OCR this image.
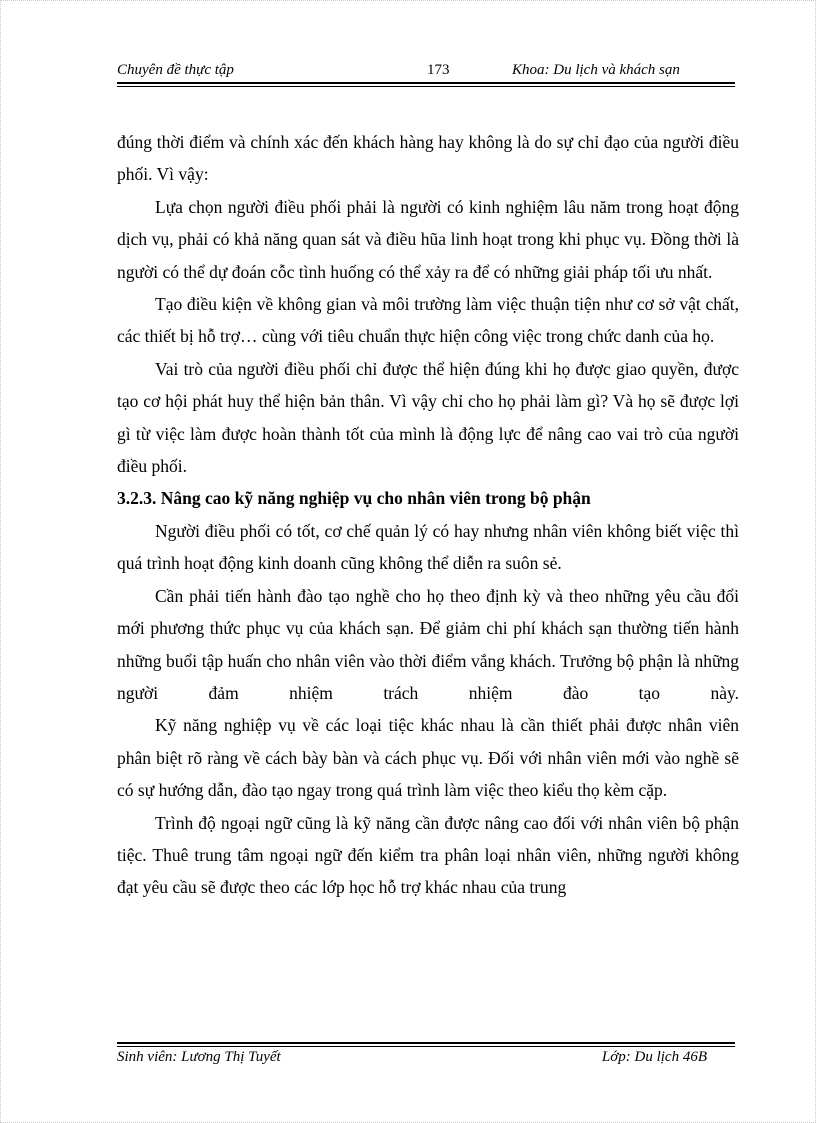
Chuyên đề thực tập	173	Khoa: Du lịch và khách sạn

đúng thời điểm và chính xác đến khách hàng hay không là do sự chỉ đạo của người điều phối. Vì vậy:

Lựa chọn người điều phối phải là người có kinh nghiệm lâu năm trong hoạt động dịch vụ, phải có khả năng quan sát và điều hũa linh hoạt trong khi phục vụ. Đồng thời là người có thể dự đoán cỗc tình huống có thể xảy ra để có những giải pháp tối ưu nhất.

Tạo điều kiện về không gian và môi trường làm việc thuận tiện như cơ sở vật chất, các thiết bị hỗ trợ… cùng với tiêu chuẩn thực hiện công việc trong chức danh của họ.

Vai trò của người điều phối chỉ được thể hiện đúng khi họ được giao quyền, được tạo cơ hội phát huy thể hiện bản thân. Vì vậy chỉ cho họ phải làm gì? Và họ sẽ được lợi gì từ việc làm được hoàn thành tốt của mình là động lực để nâng cao vai trò của người điều phối.

3.2.3. Nâng cao kỹ năng nghiệp vụ cho nhân viên trong bộ phận

Người điều phối có tốt, cơ chế quản lý có hay nhưng nhân viên không biết việc thì quá trình hoạt động kinh doanh cũng không thể diễn ra suôn sẻ.

Cần phải tiến hành đào tạo nghề cho họ theo định kỳ và theo những yêu cầu đổi mới phương thức phục vụ của khách sạn. Để giảm chi phí khách sạn thường tiến hành những buổi tập huấn cho nhân viên vào thời điểm vắng khách. Trưởng bộ phận là những người đảm nhiệm trách nhiệm đào tạo này.

Kỹ năng nghiệp vụ về các loại tiệc khác nhau là cần thiết phải được nhân viên phân biệt rõ ràng về cách bày bàn và cách phục vụ. Đối với nhân viên mới vào nghề sẽ có sự hướng dẫn, đào tạo ngay trong quá trình làm việc theo kiểu thọ kèm cặp.

Trình độ ngoại ngữ cũng là kỹ năng cần được nâng cao đối với nhân viên bộ phận tiệc. Thuê trung tâm ngoại ngữ đến kiểm tra phân loại nhân viên, những người không đạt yêu cầu sẽ được theo các lớp học hỗ trợ khác nhau của trung

Sinh viên: Lương Thị Tuyết	Lớp: Du lịch 46B
